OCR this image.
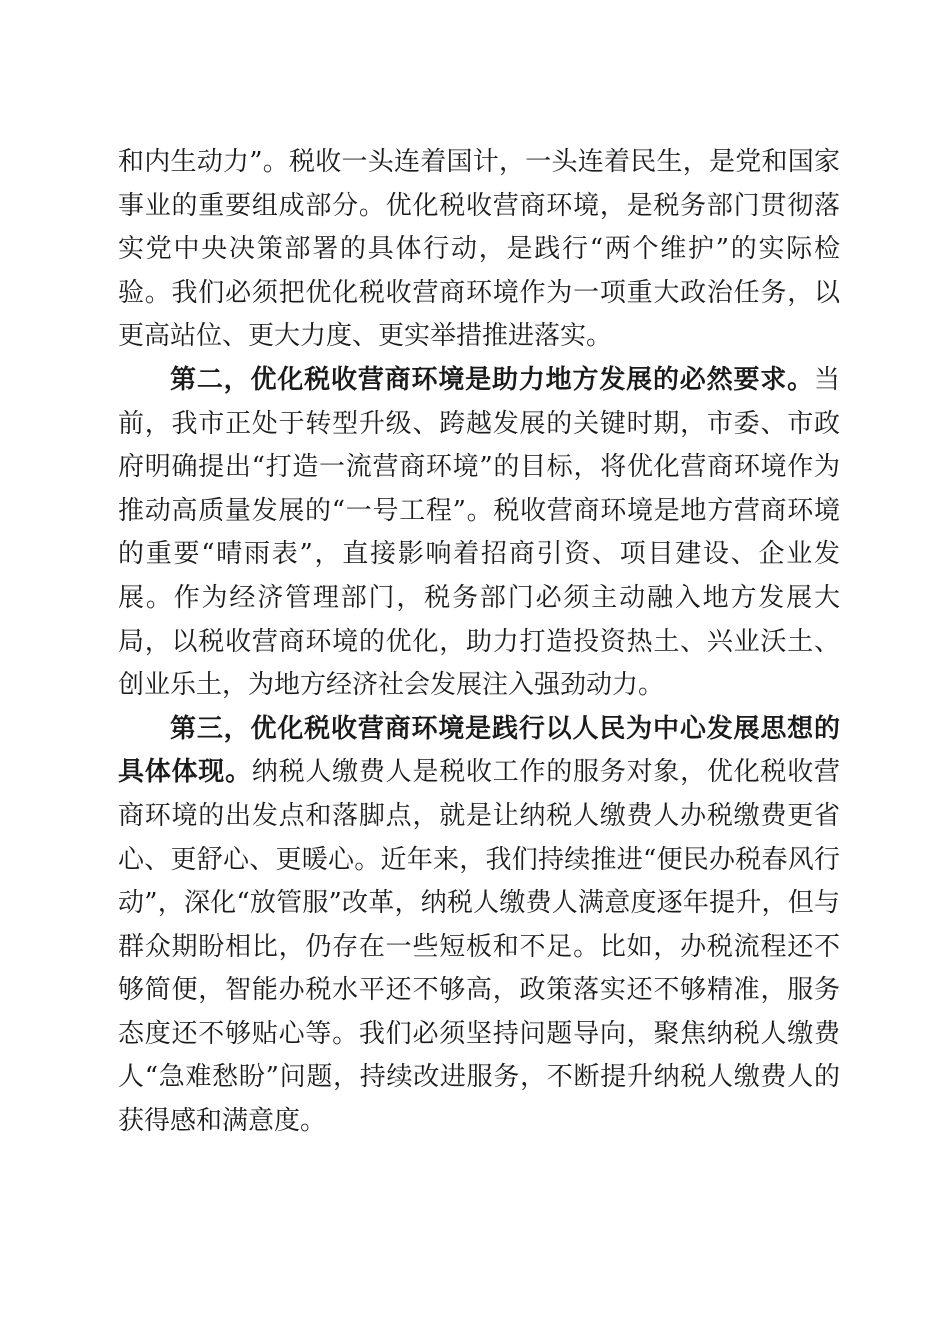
和内生动力”。税收一头连着国计，一头连着民生，是党和国家事业的重要组成部分。优化税收营商环境，是税务部门贯彻落实党中央决策部署的具体行动，是践行“两个维护”的实际检验。我们必须把优化税收营商环境作为一项重大政治任务，以更高站位、更大力度、更实举措推进落实。

第二，优化税收营商环境是助力地方发展的必然要求。当前，我市正处于转型升级、跨越发展的关键时期，市委、市政府明确提出“打造一流营商环境”的目标，将优化营商环境作为推动高质量发展的“一号工程”。税收营商环境是地方营商环境的重要“晴雨表”，直接影响着招商引资、项目建设、企业发展。作为经济管理部门，税务部门必须主动融入地方发展大局，以税收营商环境的优化，助力打造投资热土、兴业沃土、创业乐土，为地方经济社会发展注入强劲动力。

第三，优化税收营商环境是践行以人民为中心发展思想的具体体现。纳税人缴费人是税收工作的服务对象，优化税收营商环境的出发点和落脚点，就是让纳税人缴费人办税缴费更省心、更舒心、更暖心。近年来，我们持续推进“便民办税春风行动”，深化“放管服”改革，纳税人缴费人满意度逐年提升，但与群众期盼相比，仍存在一些短板和不足。比如，办税流程还不够简便，智能办税水平还不够高，政策落实还不够精准，服务态度还不够贴心等。我们必须坚持问题导向，聚焦纳税人缴费人“急难愁盼”问题，持续改进服务，不断提升纳税人缴费人的获得感和满意度。
